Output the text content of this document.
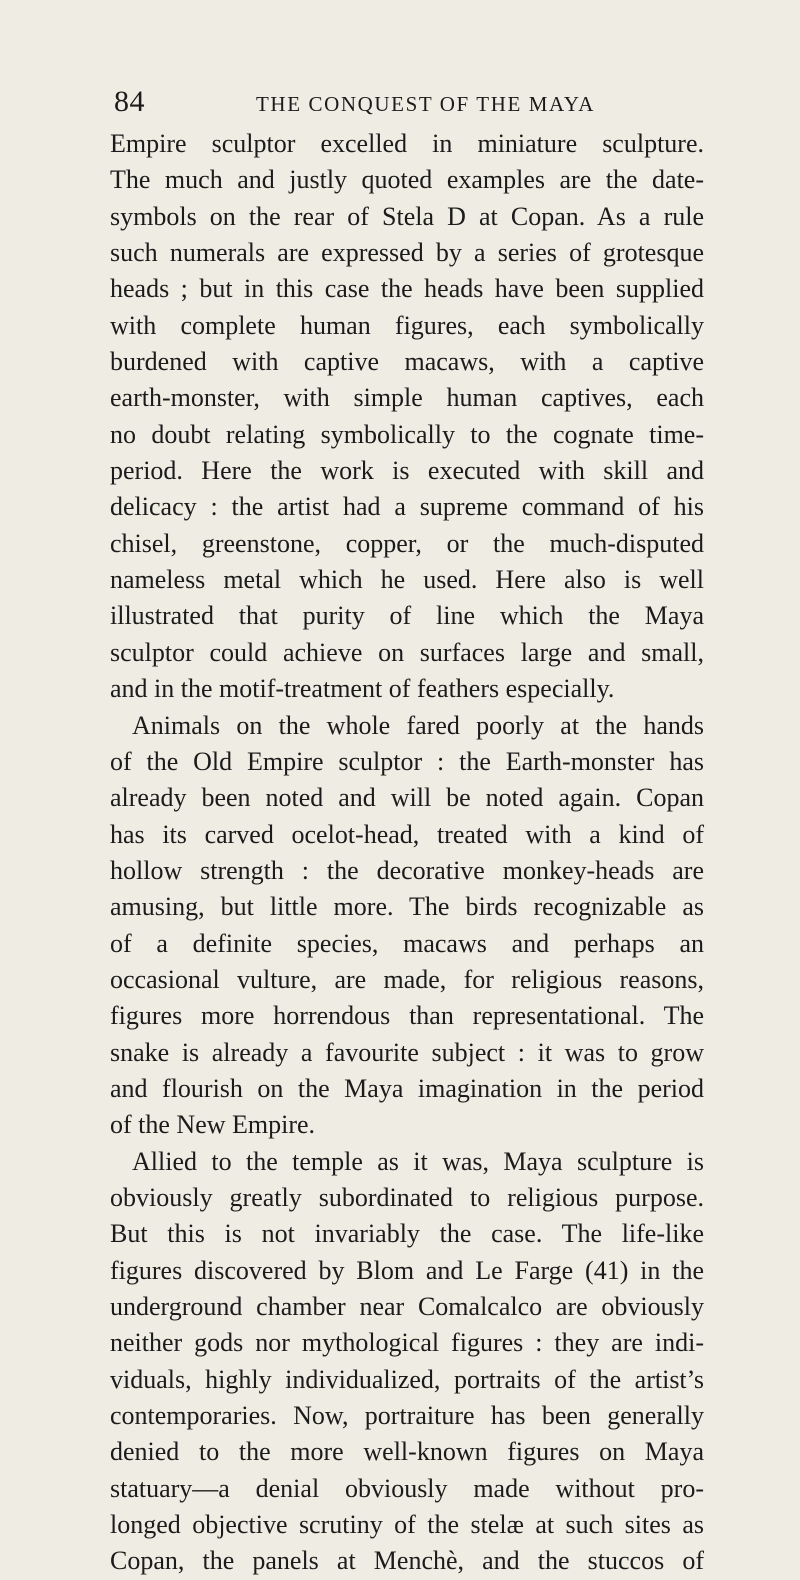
84	THE CONQUEST OF THE MAYA
Empire sculptor excelled in miniature sculpture.
The much and justly quoted examples are the date-
symbols on the rear of Stela D at Copan. As a rule
such numerals are expressed by a series of grotesque
heads ; but in this case the heads have been supplied
with complete human figures, each symbolically
burdened with captive macaws, with a captive
earth-monster, with simple human captives, each
no doubt relating symbolically to the cognate time-
period. Here the work is executed with skill and
delicacy : the artist had a supreme command of his
chisel, greenstone, copper, or the much-disputed
nameless metal which he used. Here also is well
illustrated that purity of line which the Maya
sculptor could achieve on surfaces large and small,
and in the motif-treatment of feathers especially.
Animals on the whole fared poorly at the hands
of the Old Empire sculptor : the Earth-monster has
already been noted and will be noted again. Copan
has its carved ocelot-head, treated with a kind of
hollow strength : the decorative monkey-heads are
amusing, but little more. The birds recognizable as
of a definite species, macaws and perhaps an
occasional vulture, are made, for religious reasons,
figures more horrendous than representational. The
snake is already a favourite subject : it was to grow
and flourish on the Maya imagination in the period
of the New Empire.
Allied to the temple as it was, Maya sculpture is
obviously greatly subordinated to religious purpose.
But this is not invariably the case. The life-like
figures discovered by Blom and Le Farge (41) in the
underground chamber near Comalcalco are obviously
neither gods nor mythological figures : they are indi-
viduals, highly individualized, portraits of the artist’s
contemporaries. Now, portraiture has been generally
denied to the more well-known figures on Maya
statuary—a denial obviously made without pro-
longed objective scrutiny of the stelæ at such sites as
Copan, the panels at Menchè, and the stuccos of
